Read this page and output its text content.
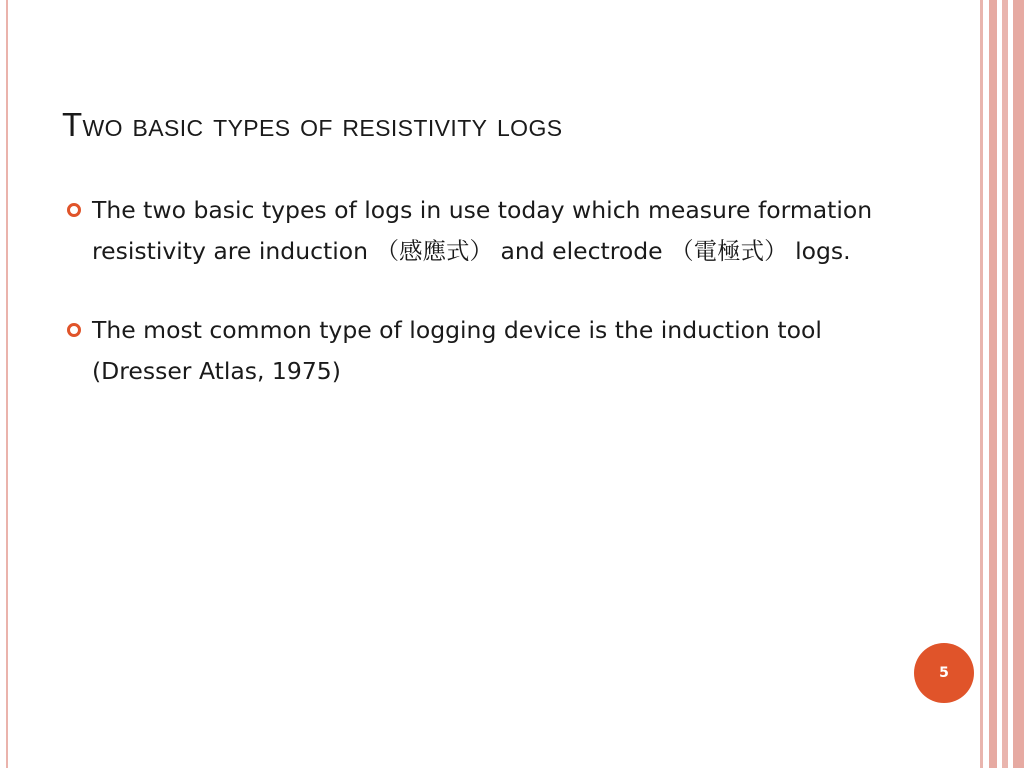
Two basic types of resistivity logs
The two basic types of logs in use today which measure formation resistivity are induction （感應式） and electrode （電極式） logs.
The most common type of logging device is the induction tool (Dresser Atlas, 1975)
5
